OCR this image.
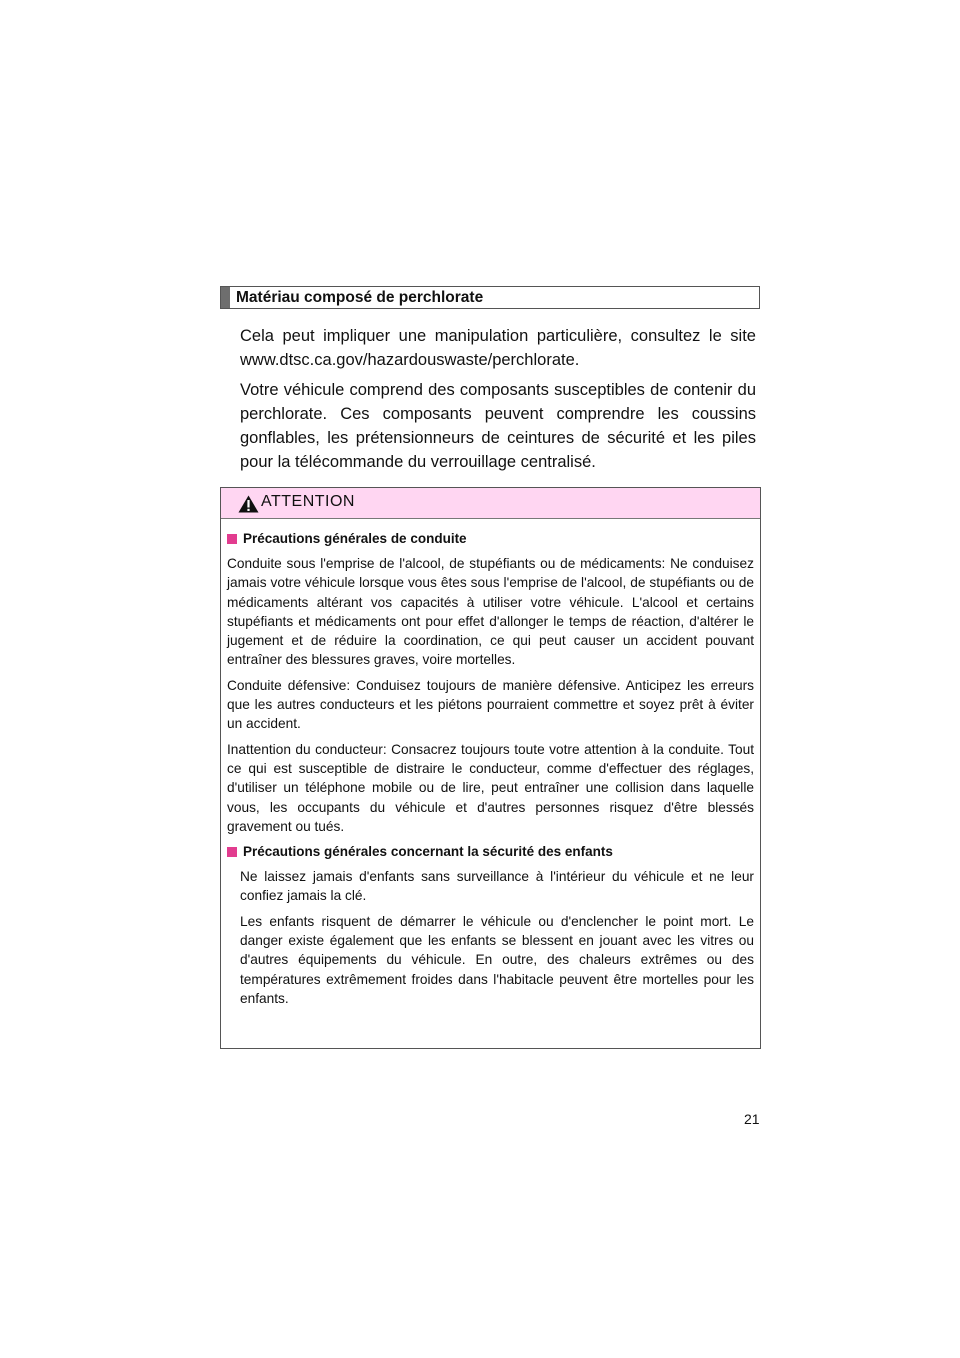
Matériau composé de perchlorate

Cela peut impliquer une manipulation particulière, consultez le site www.dtsc.ca.gov/hazardouswaste/perchlorate.

Votre véhicule comprend des composants susceptibles de contenir du perchlorate. Ces composants peuvent comprendre les coussins gonflables, les prétensionneurs de ceintures de sécurité et les piles pour la télécommande du verrouillage centralisé.

ATTENTION
Précautions générales de conduite

Conduite sous l'emprise de l'alcool, de stupéfiants ou de médicaments: Ne conduisez jamais votre véhicule lorsque vous êtes sous l'emprise de l'alcool, de stupéfiants ou de médicaments altérant vos capacités à utiliser votre véhicule. L'alcool et certains stupéfiants et médicaments ont pour effet d'allonger le temps de réaction, d'altérer le jugement et de réduire la coordination, ce qui peut causer un accident pouvant entraîner des blessures graves, voire mortelles.

Conduite défensive: Conduisez toujours de manière défensive. Anticipez les erreurs que les autres conducteurs et les piétons pourraient commettre et soyez prêt à éviter un accident.

Inattention du conducteur: Consacrez toujours toute votre attention à la conduite. Tout ce qui est susceptible de distraire le conducteur, comme d'effectuer des réglages, d'utiliser un téléphone mobile ou de lire, peut entraîner une collision dans laquelle vous, les occupants du véhicule et d'autres personnes risquez d'être blessés gravement ou tués.

Précautions générales concernant la sécurité des enfants

Ne laissez jamais d'enfants sans surveillance à l'intérieur du véhicule et ne leur confiez jamais la clé.

Les enfants risquent de démarrer le véhicule ou d'enclencher le point mort. Le danger existe également que les enfants se blessent en jouant avec les vitres ou d'autres équipements du véhicule. En outre, des chaleurs extrêmes ou des températures extrêmement froides dans l'habitacle peuvent être mortelles pour les enfants.

21
